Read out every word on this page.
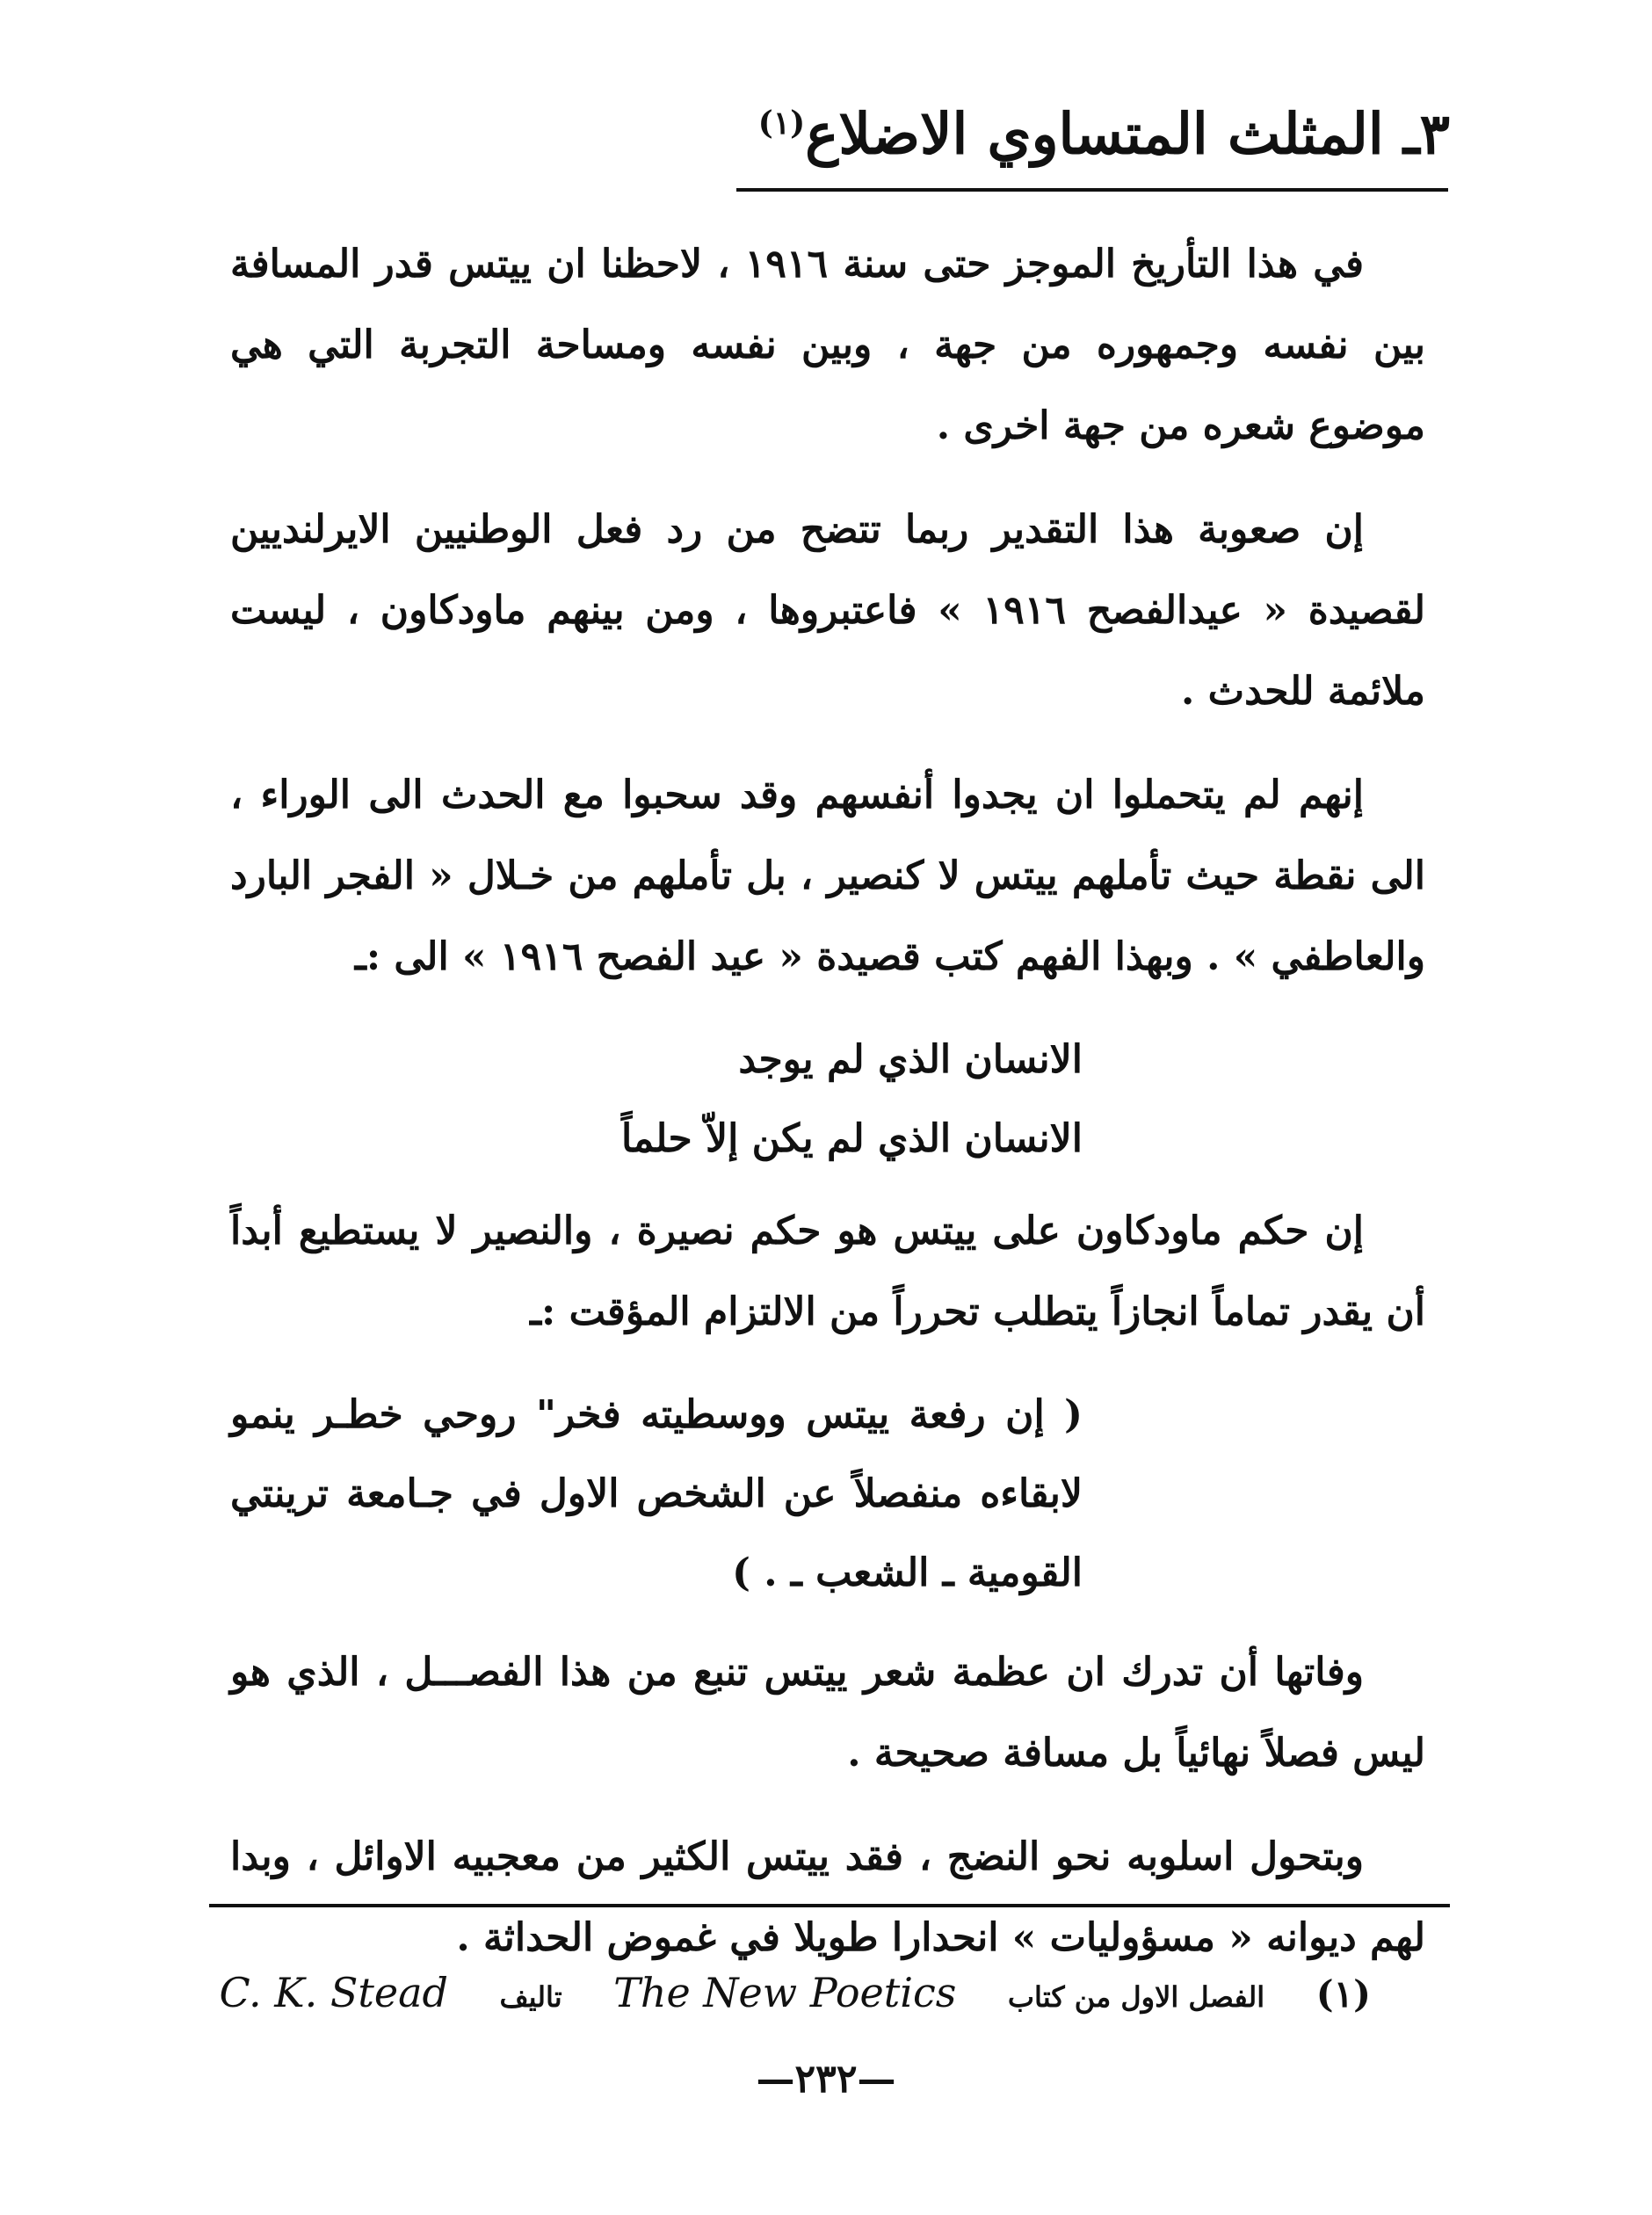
٣ـ المثلث المتساوي الاضلاع$^{(١)}$

في هذا التأريخ الموجز حتى سنة ١٩١٦ ، لاحظنا ان ييتس قدر المسافة بين نفسه وجمهوره من جهة ، وبين نفسه ومساحة التجربة التي هي موضوع شعره من جهة اخرى .

إن صعوبة هذا التقدير ربما تتضح من رد فعل الوطنيين الايرلنديين لقصيدة « عيدالفصح ١٩١٦ » فاعتبروها ، ومن بينهم ماودكاون ، ليست ملائمة للحدث .

إنهم لم يتحملوا ان يجدوا أنفسهم وقد سحبوا مع الحدث الى الوراء ، الى نقطة حيث تأملهم ييتس لا كنصير ، بل تأملهم من خـلال « الفجر البارد والعاطفي » . وبهذا الفهم كتب قصيدة « عيد الفصح ١٩١٦ » الى :ـ

الانسان الذي لم يوجد
الانسان الذي لم يكن إلاّ حلماً

إن حكم ماودكاون على ييتس هو حكم نصيرة ، والنصير لا يستطيع أبداً أن يقدر تماماً انجازاً يتطلب تحرراً من الالتزام المؤقت :ـ

( إن رفعة ييتس ووسطيته فخر" روحي خطـر ينمو لابقاءه منفصلاً عن الشخص الاول في جـامعة ترينتي القومية ـ الشعب ـ . )

وفاتها أن تدرك ان عظمة شعر ييتس تنبع من هذا الفصـــل ، الذي هو ليس فصلاً نهائياً بل مسافة صحيحة .

وبتحول اسلوبه نحو النضج ، فقد ييتس الكثير من معجبيه الاوائل ، وبدا لهم ديوانه « مسؤوليات » انحدارا طويلا في غموض الحداثة .

(١)    الفصل الاول من كتاب    The New Poetics    تاليف    C. K. Stead
—٢٣٢—
